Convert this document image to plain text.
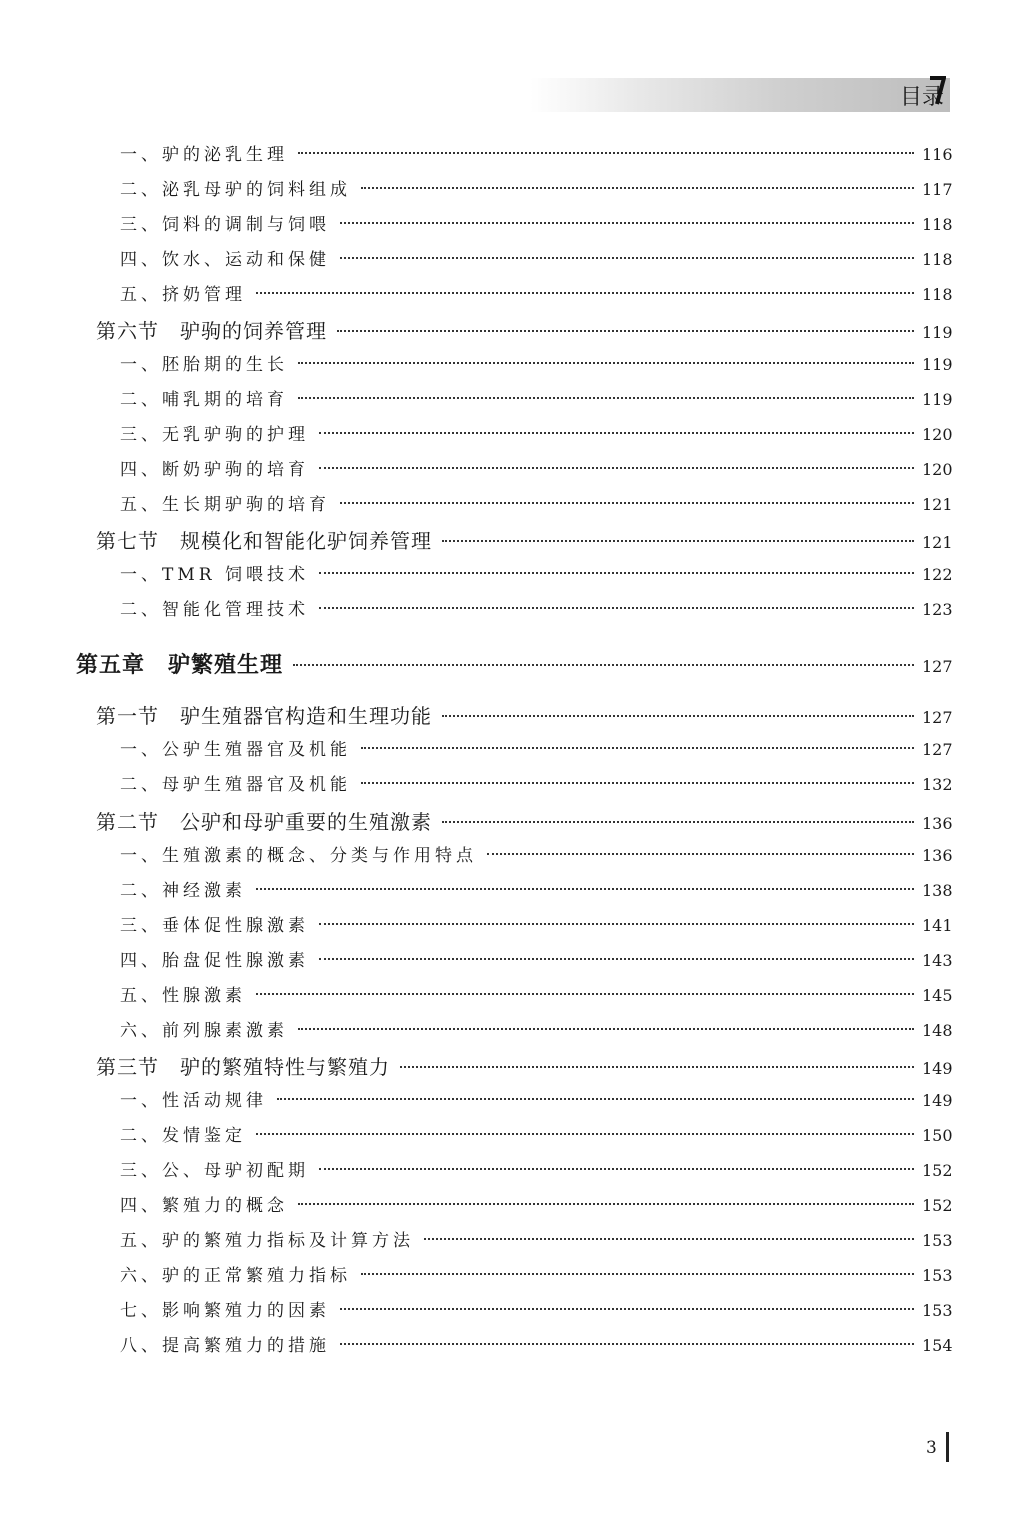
目 录
一、驴的泌乳生理	116
二、泌乳母驴的饲料组成	117
三、饲料的调制与饲喂	118
四、饮水、运动和保健	118
五、挤奶管理	118
第六节　驴驹的饲养管理	119
一、胚胎期的生长	119
二、哺乳期的培育	119
三、无乳驴驹的护理	120
四、断奶驴驹的培育	120
五、生长期驴驹的培育	121
第七节　规模化和智能化驴饲养管理	121
一、TMR 饲喂技术	122
二、智能化管理技术	123
第五章　驴繁殖生理	127
第一节　驴生殖器官构造和生理功能	127
一、公驴生殖器官及机能	127
二、母驴生殖器官及机能	132
第二节　公驴和母驴重要的生殖激素	136
一、生殖激素的概念、分类与作用特点	136
二、神经激素	138
三、垂体促性腺激素	141
四、胎盘促性腺激素	143
五、性腺激素	145
六、前列腺素激素	148
第三节　驴的繁殖特性与繁殖力	149
一、性活动规律	149
二、发情鉴定	150
三、公、母驴初配期	152
四、繁殖力的概念	152
五、驴的繁殖力指标及计算方法	153
六、驴的正常繁殖力指标	153
七、影响繁殖力的因素	153
八、提高繁殖力的措施	154
3
